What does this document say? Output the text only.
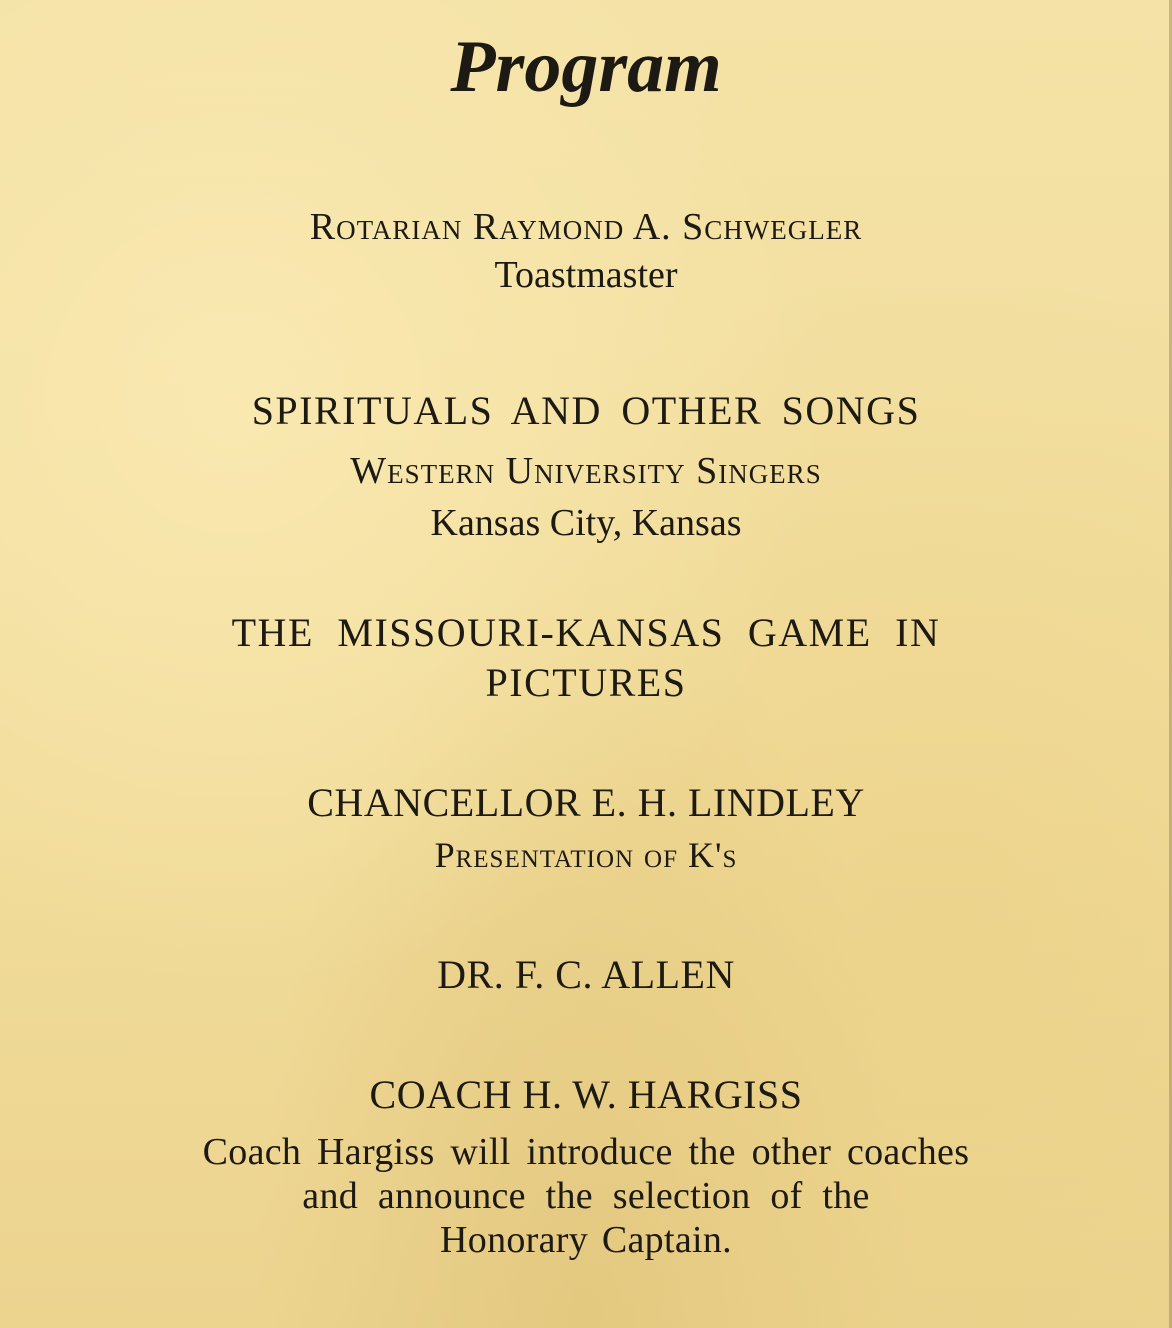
Program
Rotarian Raymond A. Schwegler
Toastmaster
SPIRITUALS AND OTHER SONGS
Western University Singers
Kansas City, Kansas
THE MISSOURI-KANSAS GAME IN
PICTURES
CHANCELLOR E. H. LINDLEY
Presentation of K's
DR. F. C. ALLEN
COACH H. W. HARGISS
Coach Hargiss will introduce the other coaches
and announce the selection of the
Honorary Captain.
